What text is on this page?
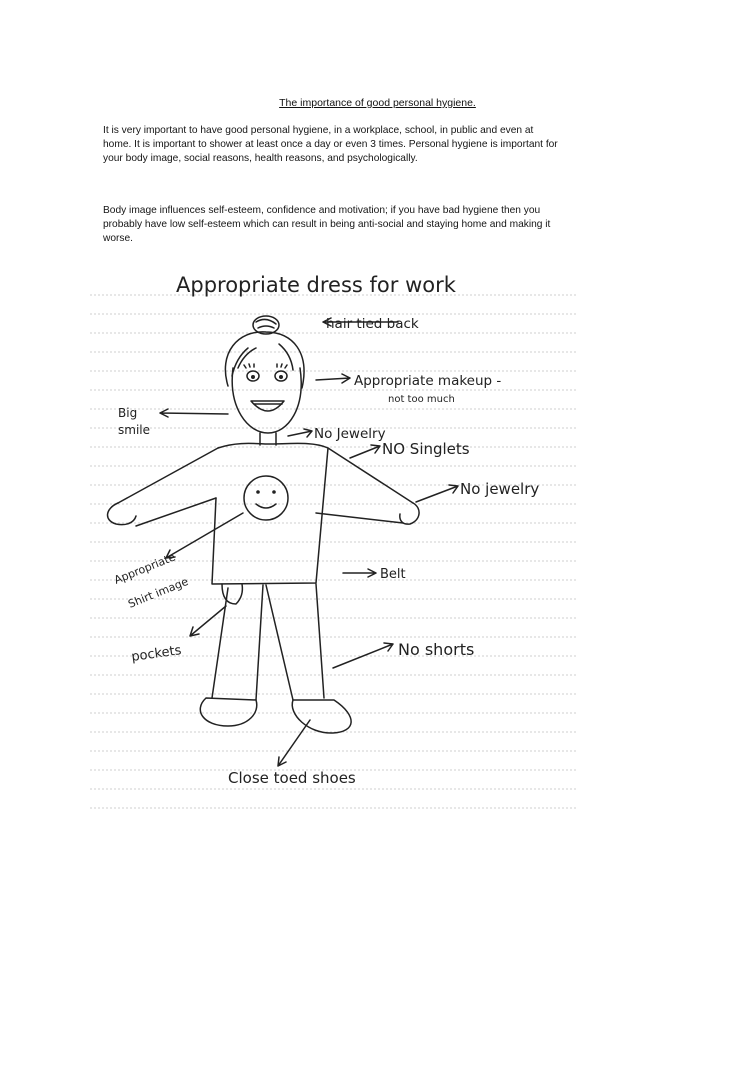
The importance of good personal hygiene.

It is very important to have good personal hygiene, in a workplace, school, in public and even at home. It is important to shower at least once a day or even 3 times. Personal hygiene is important for your body image, social reasons, health reasons, and psychologically.

Body image influences self-esteem, confidence and motivation; if you have bad hygiene then you probably have low self-esteem which can result in being anti-social and staying home and making it worse.

Appropriate dress for work
hair tied back
Appropriate makeup -
not too much
Big
smile	No Jewelry
NO Singlets
No jewelry
Appropriate
Shirt image
Belt
pockets	No shorts
Close toed shoes
